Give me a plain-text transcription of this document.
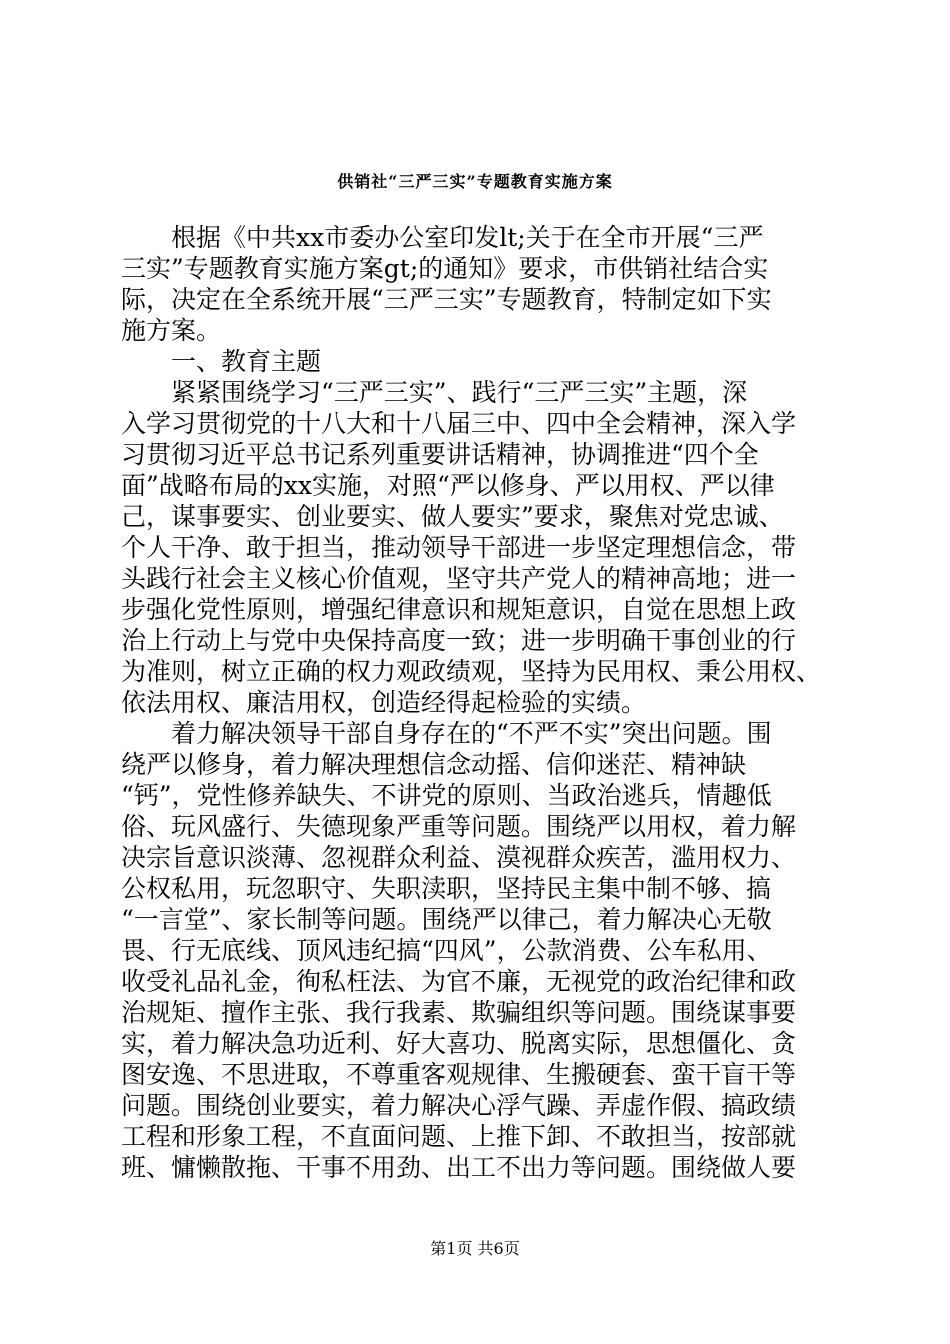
供销社“三严三实”专题教育实施方案
　　根据《中共xx市委办公室印发lt;关于在全市开展“三严
三实”专题教育实施方案gt;的通知》要求，市供销社结合实
际，决定在全系统开展“三严三实”专题教育，特制定如下实
施方案。
　　一、教育主题
　　紧紧围绕学习“三严三实”、践行“三严三实”主题，深
入学习贯彻党的十八大和十八届三中、四中全会精神，深入学
习贯彻习近平总书记系列重要讲话精神，协调推进“四个全
面”战略布局的xx实施，对照“严以修身、严以用权、严以律
己，谋事要实、创业要实、做人要实”要求，聚焦对党忠诚、
个人干净、敢于担当，推动领导干部进一步坚定理想信念，带
头践行社会主义核心价值观，坚守共产党人的精神高地；进一
步强化党性原则，增强纪律意识和规矩意识，自觉在思想上政
治上行动上与党中央保持高度一致；进一步明确干事创业的行
为准则，树立正确的权力观政绩观，坚持为民用权、秉公用权、
依法用权、廉洁用权，创造经得起检验的实绩。
　　着力解决领导干部自身存在的“不严不实”突出问题。围
绕严以修身，着力解决理想信念动摇、信仰迷茫、精神缺
“钙”，党性修养缺失、不讲党的原则、当政治逃兵，情趣低
俗、玩风盛行、失德现象严重等问题。围绕严以用权，着力解
决宗旨意识淡薄、忽视群众利益、漠视群众疾苦，滥用权力、
公权私用，玩忽职守、失职渎职，坚持民主集中制不够、搞
“一言堂”、家长制等问题。围绕严以律己，着力解决心无敬
畏、行无底线、顶风违纪搞“四风”，公款消费、公车私用、
收受礼品礼金，徇私枉法、为官不廉，无视党的政治纪律和政
治规矩、擅作主张、我行我素、欺骗组织等问题。围绕谋事要
实，着力解决急功近利、好大喜功、脱离实际，思想僵化、贪
图安逸、不思进取，不尊重客观规律、生搬硬套、蛮干盲干等
问题。围绕创业要实，着力解决心浮气躁、弄虚作假、搞政绩
工程和形象工程，不直面问题、上推下卸、不敢担当，按部就
班、慵懒散拖、干事不用劲、出工不出力等问题。围绕做人要
第1页 共6页
